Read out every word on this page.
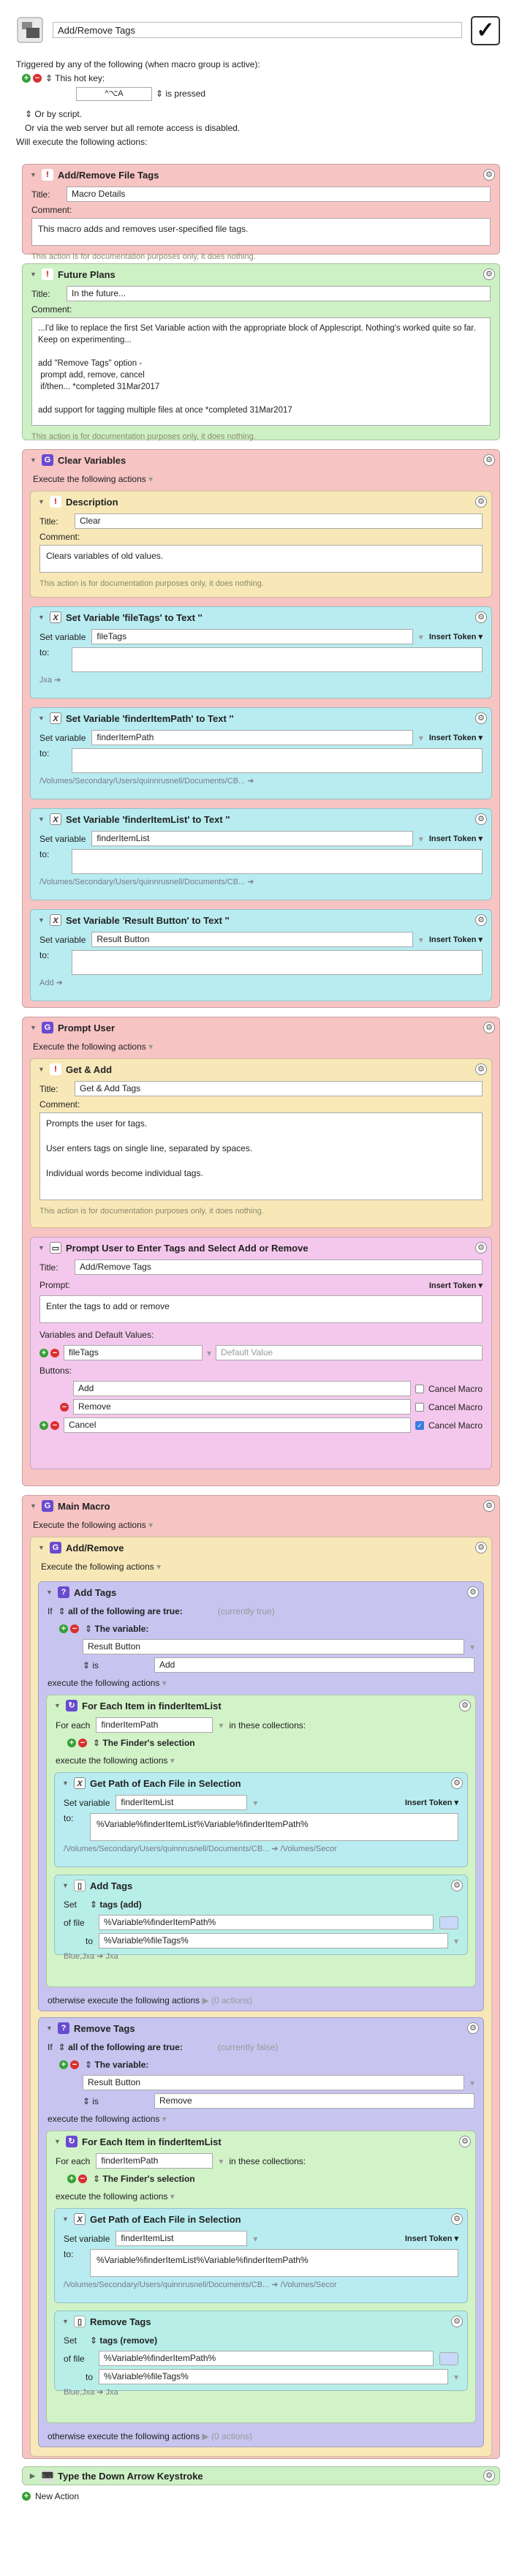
Add/Remove Tags	✓
Triggered by any of the following (when macro group is active):
+ − ⇕ This hot key:
^⌥A	⇕ is pressed
⇕ Or by script.
Or via the web server but all remote access is disabled.
Will execute the following actions:
▼	! Add/Remove File Tags	⚙
Title:	Macro Details
Comment:
This macro adds and removes user-specified file tags.
This action is for documentation purposes only, it does nothing.
▼	! Future Plans	⚙
Title:	In the future...
Comment:
...I'd like to replace the first Set Variable action with the appropriate block of Applescript. Nothing's worked quite so far. Keep on experimenting...

add "Remove Tags" option -
prompt add, remove, cancel
if/then... *completed 31Mar2017

add support for tagging multiple files at once *completed 31Mar2017
This action is for documentation purposes only, it does nothing.
▼ G Clear Variables	⚙
Execute the following actions ▾
▼	! Description	⚙
Title:	Clear
Comment:
Clears variables of old values.
This action is for documentation purposes only, it does nothing.
▼	X Set Variable 'fileTags' to Text ''	⚙
Set variable	fileTags	▾ Insert Token ▾
to:
Jxa ➔
▼	X Set Variable 'finderItemPath' to Text ''	⚙
Set variable	finderItemPath	▾ Insert Token ▾
to:
/Volumes/Secondary/Users/quinnrusnell/Documents/CB... ➔
▼	X Set Variable 'finderItemList' to Text ''	⚙
Set variable	finderItemList	▾ Insert Token ▾
to:
/Volumes/Secondary/Users/quinnrusnell/Documents/CB... ➔
▼	X Set Variable 'Result Button' to Text ''	⚙
Set variable	Result Button	▾ Insert Token ▾
to:
Add ➔
▼ G Prompt User	⚙
Execute the following actions ▾
▼	! Get & Add	⚙
Title:	Get & Add Tags
Comment:
Prompts the user for tags.

User enters tags on single line, separated by spaces.

Individual words become individual tags.
This action is for documentation purposes only, it does nothing.
▼ ▭ Prompt User to Enter Tags and Select Add or Remove	⚙
Title:	Add/Remove Tags
Prompt:	Insert Token ▾
Enter the tags to add or remove
Variables and Default Values:
+ −	fileTags	▾	Default Value
Buttons:
Add	Cancel Macro
−	Remove	Cancel Macro
+ −	Cancel	✓ Cancel Macro
▼ G Main Macro	⚙
Execute the following actions ▾
▼ G Add/Remove	⚙
Execute the following actions ▾
▼	? Add Tags	⚙
If ⇕ all of the following are true:	(currently true)
+ − ⇕ The variable:
Result Button	▾
⇕ is	Add
execute the following actions ▾
▼ ↻ For Each Item in finderItemList	⚙
For each	finderItemPath	▾ in these collections:
+ − ⇕ The Finder's selection
execute the following actions ▾
▼	X Get Path of Each File in Selection	⚙
Set variable	finderItemList	▾	Insert Token ▾
to:
%Variable%finderItemList%Variable%finderItemPath%
/Volumes/Secondary/Users/quinnrusnell/Documents/CB... ➔ /Volumes/Secor
▼	▯ Add Tags	⚙
Set	⇕ tags (add)
of file	%Variable%finderItemPath%
to	%Variable%fileTags%	▾
Blue,Jxa ➔ Jxa
otherwise execute the following actions ▶ (0 actions)
▼	? Remove Tags	⚙
If ⇕ all of the following are true:	(currently false)
+ − ⇕ The variable:
Result Button	▾
⇕ is	Remove
execute the following actions ▾
▼ ↻ For Each Item in finderItemList	⚙
For each	finderItemPath	▾ in these collections:
+ − ⇕ The Finder's selection
execute the following actions ▾
▼	X Get Path of Each File in Selection	⚙
Set variable	finderItemList	▾	Insert Token ▾
to:
%Variable%finderItemList%Variable%finderItemPath%
/Volumes/Secondary/Users/quinnrusnell/Documents/CB... ➔ /Volumes/Secor
▼	▯ Remove Tags	⚙
Set	⇕ tags (remove)
of file	%Variable%finderItemPath%
to	%Variable%fileTags%	▾
Blue,Jxa ➔ Jxa
otherwise execute the following actions ▶ (0 actions)
▶ ⌨ Type the Down Arrow Keystroke	⚙
+ New Action
